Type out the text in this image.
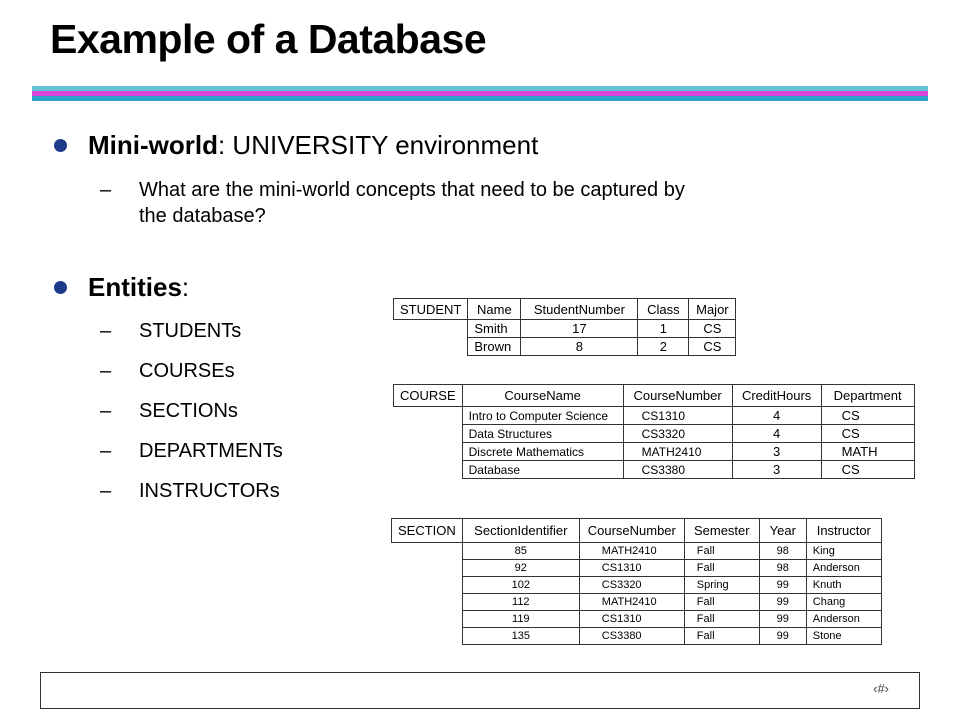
Example of a Database
Mini-world: UNIVERSITY environment
– What are the mini-world concepts that need to be captured by
the database?
Entities:
– STUDENTs
– COURSEs
– SECTIONs
– DEPARTMENTs
– INSTRUCTORs
STUDENT	Name	StudentNumber	Class	Major
	Smith	17	1	CS
	Brown	8	2	CS
COURSE	CourseName	CourseNumber	CreditHours	Department
	Intro to Computer Science	CS1310	4	CS
	Data Structures	CS3320	4	CS
	Discrete Mathematics	MATH2410	3	MATH
	Database	CS3380	3	CS
SECTION	SectionIdentifier	CourseNumber	Semester	Year	Instructor
	85	MATH2410	Fall	98	King
	92	CS1310	Fall	98	Anderson
	102	CS3320	Spring	99	Knuth
	112	MATH2410	Fall	99	Chang
	119	CS1310	Fall	99	Anderson
	135	CS3380	Fall	99	Stone
‹#›
